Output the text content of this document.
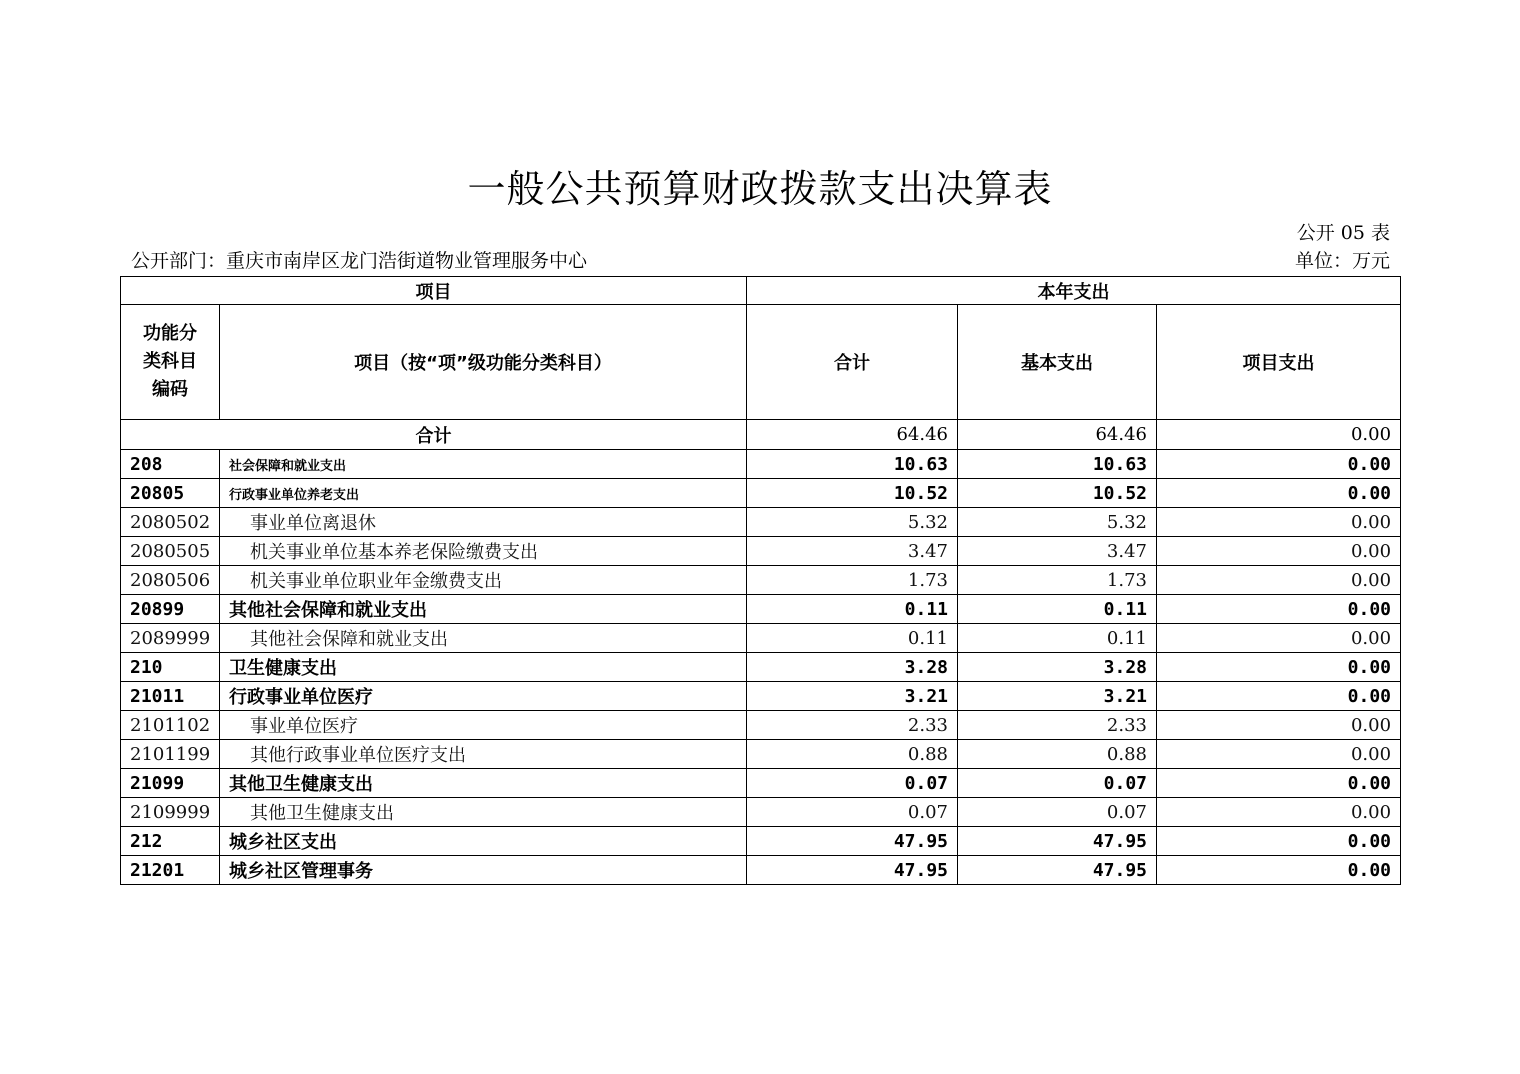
一般公共预算财政拨款支出决算表
公开 05 表
公开部门：重庆市南岸区龙门浩街道物业管理服务中心	单位：万元
项目		本年支出		
功能分类科目编码	项目（按“项”级功能分类科目）	合计	基本支出	项目支出
合计		64.46	64.46	0.00
208	社会保障和就业支出	10.63	10.63	0.00
20805	行政事业单位养老支出	10.52	10.52	0.00
2080502	事业单位离退休	5.32	5.32	0.00
2080505	机关事业单位基本养老保险缴费支出	3.47	3.47	0.00
2080506	机关事业单位职业年金缴费支出	1.73	1.73	0.00
20899	其他社会保障和就业支出	0.11	0.11	0.00
2089999	其他社会保障和就业支出	0.11	0.11	0.00
210	卫生健康支出	3.28	3.28	0.00
21011	行政事业单位医疗	3.21	3.21	0.00
2101102	事业单位医疗	2.33	2.33	0.00
2101199	其他行政事业单位医疗支出	0.88	0.88	0.00
21099	其他卫生健康支出	0.07	0.07	0.00
2109999	其他卫生健康支出	0.07	0.07	0.00
212	城乡社区支出	47.95	47.95	0.00
21201	城乡社区管理事务	47.95	47.95	0.00
